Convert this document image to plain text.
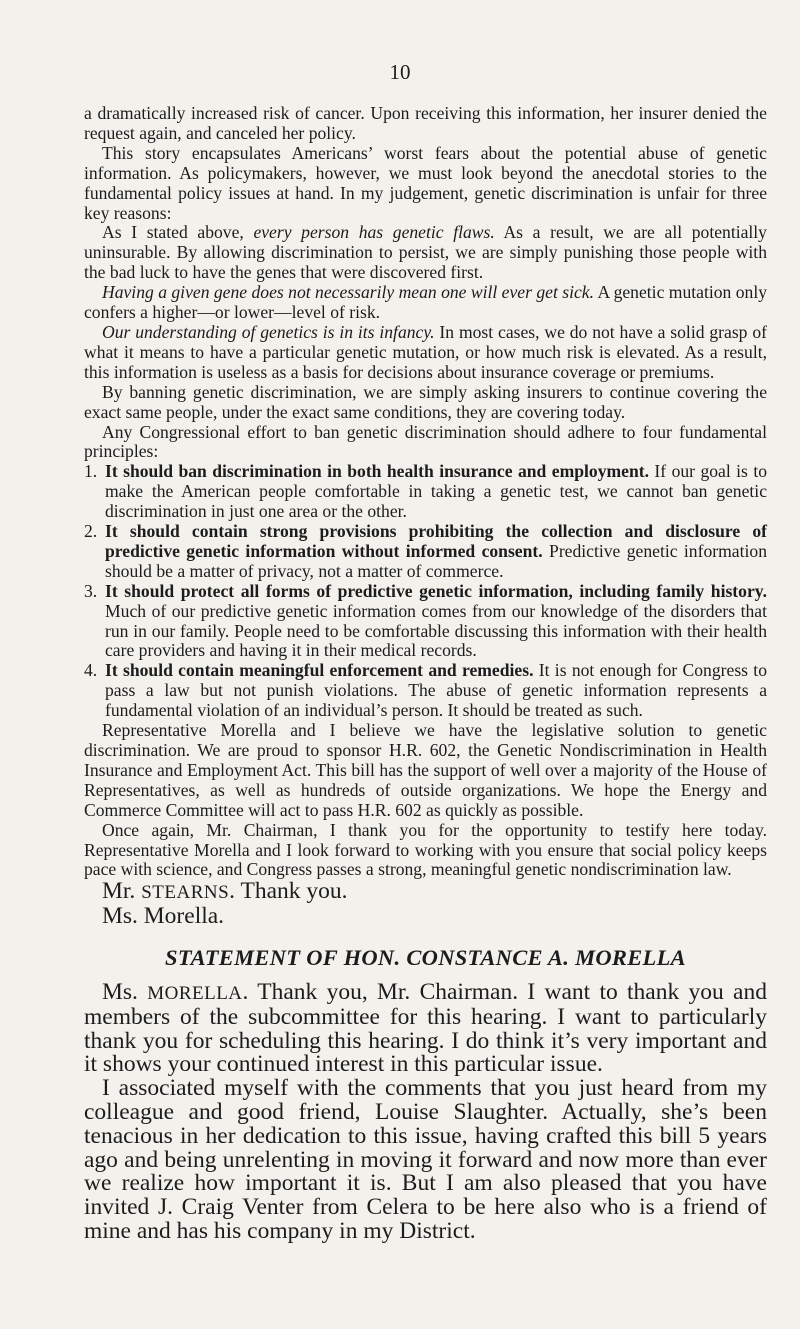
10

a dramatically increased risk of cancer. Upon receiving this information, her insurer denied the request again, and canceled her policy.

This story encapsulates Americans’ worst fears about the potential abuse of genetic information. As policymakers, however, we must look beyond the anecdotal stories to the fundamental policy issues at hand. In my judgement, genetic discrimination is unfair for three key reasons:

As I stated above, every person has genetic flaws. As a result, we are all potentially uninsurable. By allowing discrimination to persist, we are simply punishing those people with the bad luck to have the genes that were discovered first.

Having a given gene does not necessarily mean one will ever get sick. A genetic mutation only confers a higher—or lower—level of risk.

Our understanding of genetics is in its infancy. In most cases, we do not have a solid grasp of what it means to have a particular genetic mutation, or how much risk is elevated. As a result, this information is useless as a basis for decisions about insurance coverage or premiums.

By banning genetic discrimination, we are simply asking insurers to continue covering the exact same people, under the exact same conditions, they are covering today.

Any Congressional effort to ban genetic discrimination should adhere to four fundamental principles:

1. It should ban discrimination in both health insurance and employment. If our goal is to make the American people comfortable in taking a genetic test, we cannot ban genetic discrimination in just one area or the other.
2. It should contain strong provisions prohibiting the collection and disclosure of predictive genetic information without informed consent. Predictive genetic information should be a matter of privacy, not a matter of commerce.
3. It should protect all forms of predictive genetic information, including family history. Much of our predictive genetic information comes from our knowledge of the disorders that run in our family. People need to be comfortable discussing this information with their health care providers and having it in their medical records.
4. It should contain meaningful enforcement and remedies. It is not enough for Congress to pass a law but not punish violations. The abuse of genetic information represents a fundamental violation of an individual’s person. It should be treated as such.

Representative Morella and I believe we have the legislative solution to genetic discrimination. We are proud to sponsor H.R. 602, the Genetic Nondiscrimination in Health Insurance and Employment Act. This bill has the support of well over a majority of the House of Representatives, as well as hundreds of outside organizations. We hope the Energy and Commerce Committee will act to pass H.R. 602 as quickly as possible.

Once again, Mr. Chairman, I thank you for the opportunity to testify here today. Representative Morella and I look forward to working with you ensure that social policy keeps pace with science, and Congress passes a strong, meaningful genetic nondiscrimination law.

Mr. STEARNS. Thank you.

Ms. Morella.

STATEMENT OF HON. CONSTANCE A. MORELLA

Ms. MORELLA. Thank you, Mr. Chairman. I want to thank you and members of the subcommittee for this hearing. I want to particularly thank you for scheduling this hearing. I do think it’s very important and it shows your continued interest in this particular issue.

I associated myself with the comments that you just heard from my colleague and good friend, Louise Slaughter. Actually, she’s been tenacious in her dedication to this issue, having crafted this bill 5 years ago and being unrelenting in moving it forward and now more than ever we realize how important it is. But I am also pleased that you have invited J. Craig Venter from Celera to be here also who is a friend of mine and has his company in my District.
